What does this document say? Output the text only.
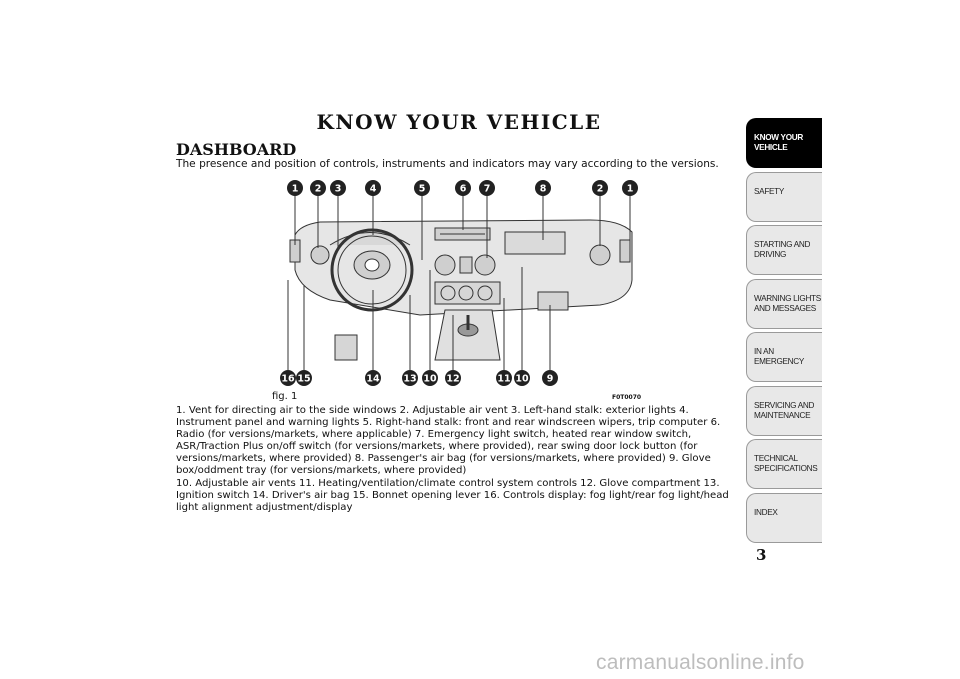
KNOW YOUR VEHICLE
DASHBOARD
The presence and position of controls, instruments and indicators may vary according to the versions.
1 2 3	4	5	6 7	8	2 1
16 15	14	13 10 12	11 10 9
fig. 1	F0T0070

1. Vent for directing air to the side windows 2. Adjustable air vent 3. Left-hand stalk: exterior lights 4. Instrument panel and warning lights 5. Right-hand stalk: front and rear windscreen wipers, trip computer 6. Radio (for versions/markets, where applicable) 7. Emergency light switch, heated rear window switch, ASR/Traction Plus on/off switch (for versions/markets, where provided), rear swing door lock button (for versions/markets, where provided) 8. Passenger's air bag (for versions/markets, where provided) 9. Glove box/oddment tray (for versions/markets, where provided)

10. Adjustable air vents 11. Heating/ventilation/climate control system controls 12. Glove compartment 13. Ignition switch 14. Driver's air bag 15. Bonnet opening lever 16. Controls display: fog light/rear fog light/head light alignment adjustment/display

KNOW YOUR VEHICLE
SAFETY
STARTING AND DRIVING
WARNING LIGHTS AND MESSAGES
IN AN EMERGENCY
SERVICING AND MAINTENANCE
TECHNICAL SPECIFICATIONS
INDEX
3
carmanualsonline.info
